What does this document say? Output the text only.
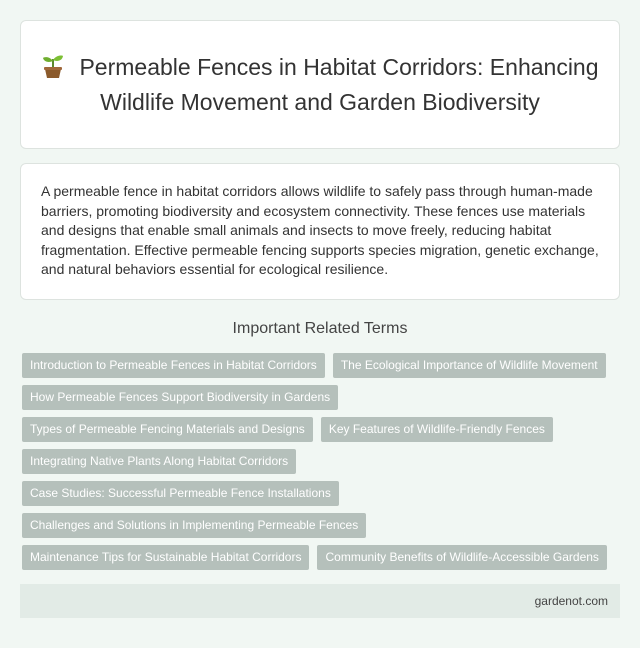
Permeable Fences in Habitat Corridors: Enhancing Wildlife Movement and Garden Biodiversity

A permeable fence in habitat corridors allows wildlife to safely pass through human-made barriers, promoting biodiversity and ecosystem connectivity. These fences use materials and designs that enable small animals and insects to move freely, reducing habitat fragmentation. Effective permeable fencing supports species migration, genetic exchange, and natural behaviors essential for ecological resilience.

Important Related Terms
Introduction to Permeable Fences in Habitat Corridors	The Ecological Importance of Wildlife Movement
How Permeable Fences Support Biodiversity in Gardens
Types of Permeable Fencing Materials and Designs	Key Features of Wildlife-Friendly Fences
Integrating Native Plants Along Habitat Corridors
Case Studies: Successful Permeable Fence Installations
Challenges and Solutions in Implementing Permeable Fences
Maintenance Tips for Sustainable Habitat Corridors	Community Benefits of Wildlife-Accessible Gardens
gardenot.com
